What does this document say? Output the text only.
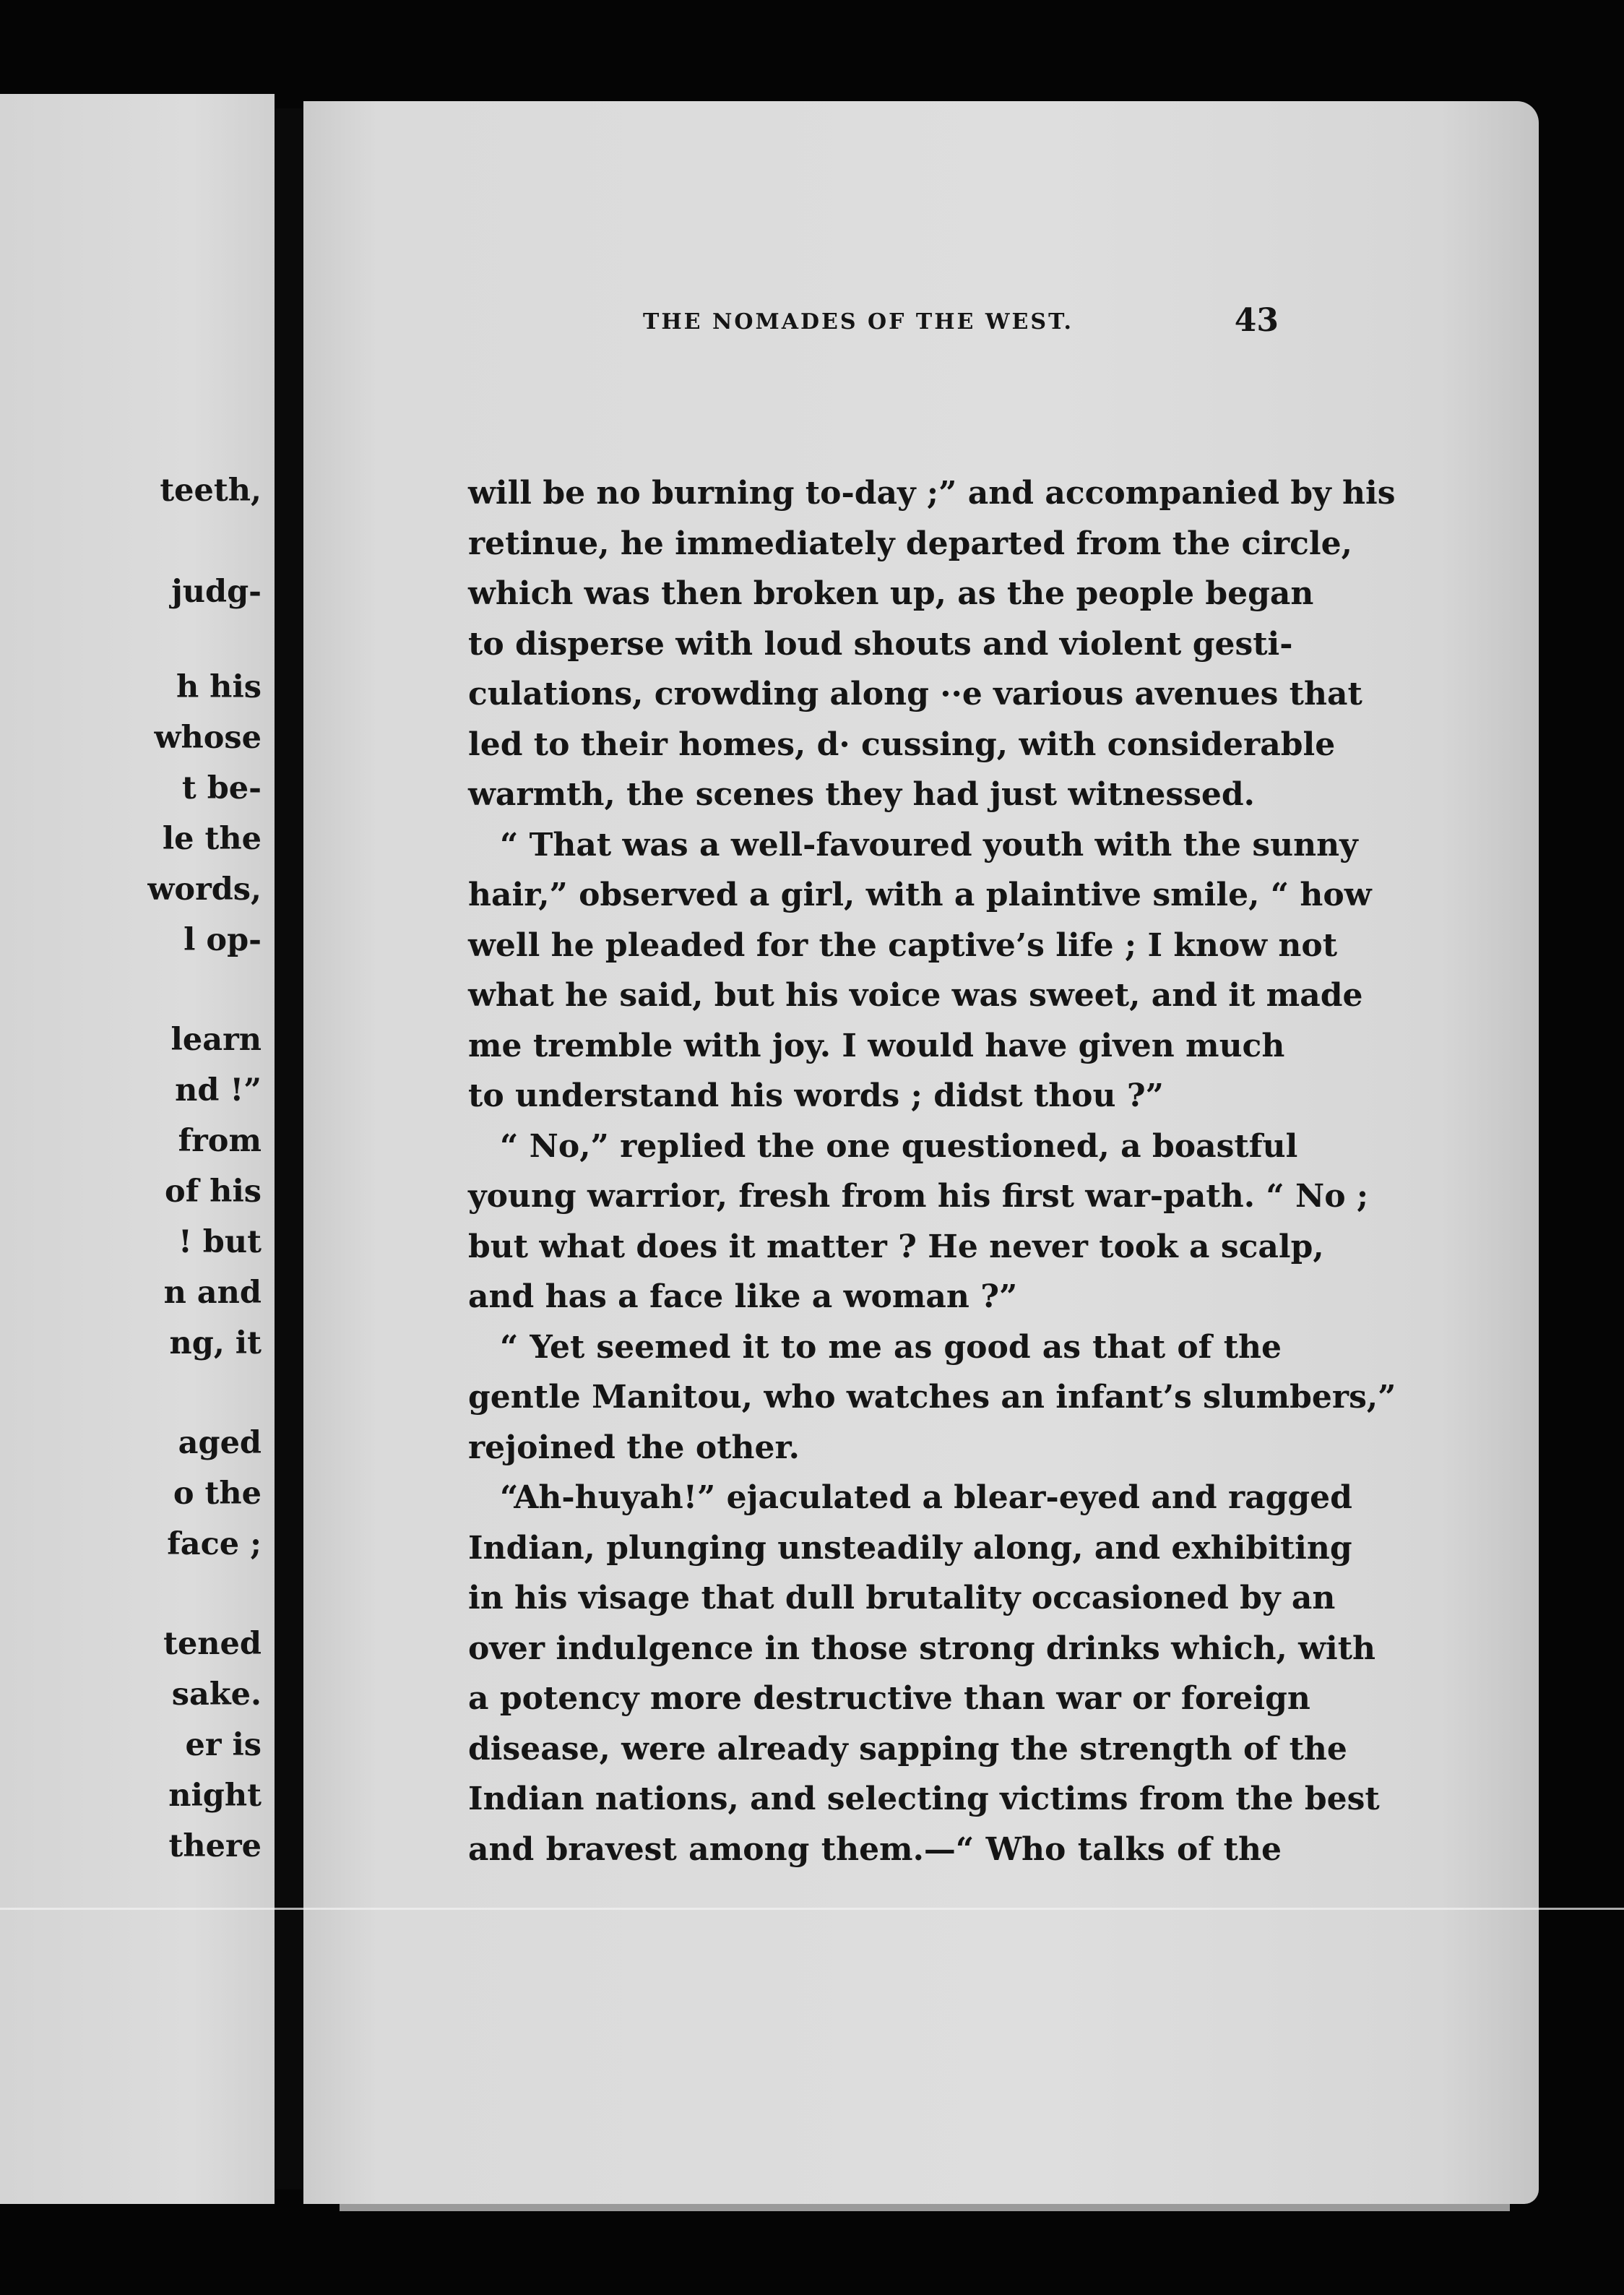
teeth,
judg-
h his
whose
t be-
le the
words,
l op-
learn
nd !”
from
of his
! but
n and
ng, it
aged
o the
face ;
tened
sake.
er is
night
there
THE NOMADES OF THE WEST.	43
will be no burning to-day ;” and accompanied by his
retinue, he immediately departed from the circle,
which was then broken up, as the people began
to disperse with loud shouts and violent gesti-
culations, crowding along ··e various avenues that
led to their homes, d· cussing, with considerable
warmth, the scenes they had just witnessed.
“ That was a well-favoured youth with the sunny
hair,” observed a girl, with a plaintive smile, “ how
well he pleaded for the captive’s life ; I know not
what he said, but his voice was sweet, and it made
me tremble with joy. I would have given much
to understand his words ; didst thou ?”
“ No,” replied the one questioned, a boastful
young warrior, fresh from his first war-path. “ No ;
but what does it matter ? He never took a scalp,
and has a face like a woman ?”
“ Yet seemed it to me as good as that of the
gentle Manitou, who watches an infant’s slumbers,”
rejoined the other.
“Ah-huyah!” ejaculated a blear-eyed and ragged
Indian, plunging unsteadily along, and exhibiting
in his visage that dull brutality occasioned by an
over indulgence in those strong drinks which, with
a potency more destructive than war or foreign
disease, were already sapping the strength of the
Indian nations, and selecting victims from the best
and bravest among them.—“ Who talks of the
